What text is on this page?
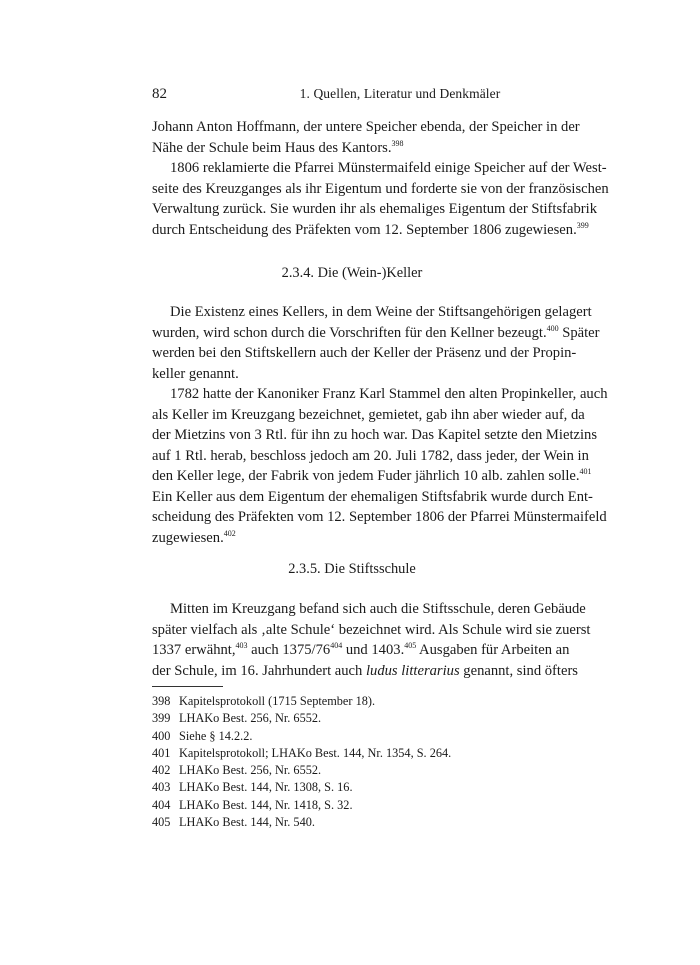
82	1. Quellen, Literatur und Denkmäler
Johann Anton Hoffmann, der untere Speicher ebenda, der Speicher in der
Nähe der Schule beim Haus des Kantors.$^{398}$
1806 reklamierte die Pfarrei Münstermaifeld einige Speicher auf der West-
seite des Kreuzganges als ihr Eigentum und forderte sie von der französischen
Verwaltung zurück. Sie wurden ihr als ehemaliges Eigentum der Stiftsfabrik
durch Entscheidung des Präfekten vom 12. September 1806 zugewiesen.$^{399}$
2.3.4. Die (Wein-)Keller
Die Existenz eines Kellers, in dem Weine der Stiftsangehörigen gelagert
wurden, wird schon durch die Vorschriften für den Kellner bezeugt.$^{400}$ Später
werden bei den Stiftskellern auch der Keller der Präsenz und der Propin-
keller genannt.
1782 hatte der Kanoniker Franz Karl Stammel den alten Propinkeller, auch
als Keller im Kreuzgang bezeichnet, gemietet, gab ihn aber wieder auf, da
der Mietzins von 3 Rtl. für ihn zu hoch war. Das Kapitel setzte den Mietzins
auf 1 Rtl. herab, beschloss jedoch am 20. Juli 1782, dass jeder, der Wein in
den Keller lege, der Fabrik von jedem Fuder jährlich 10 alb. zahlen solle.$^{401}$
Ein Keller aus dem Eigentum der ehemaligen Stiftsfabrik wurde durch Ent-
scheidung des Präfekten vom 12. September 1806 der Pfarrei Münstermaifeld
zugewiesen.$^{402}$
2.3.5. Die Stiftsschule
Mitten im Kreuzgang befand sich auch die Stiftsschule, deren Gebäude
später vielfach als ‚alte Schule‘ bezeichnet wird. Als Schule wird sie zuerst
1337 erwähnt,$^{403}$ auch $1375/76^{404}$ und 1403.$^{405}$ Ausgaben für Arbeiten an
der Schule, im 16. Jahrhundert auch ludus litterarius genannt, sind öfters
398 Kapitelsprotokoll (1715 September 18).
399 LHAKo Best. 256, Nr. 6552.
400 Siehe § 14.2.2.
401 Kapitelsprotokoll; LHAKo Best. 144, Nr. 1354, S. 264.
402 LHAKo Best. 256, Nr. 6552.
403 LHAKo Best. 144, Nr. 1308, S. 16.
404 LHAKo Best. 144, Nr. 1418, S. 32.
405 LHAKo Best. 144, Nr. 540.
